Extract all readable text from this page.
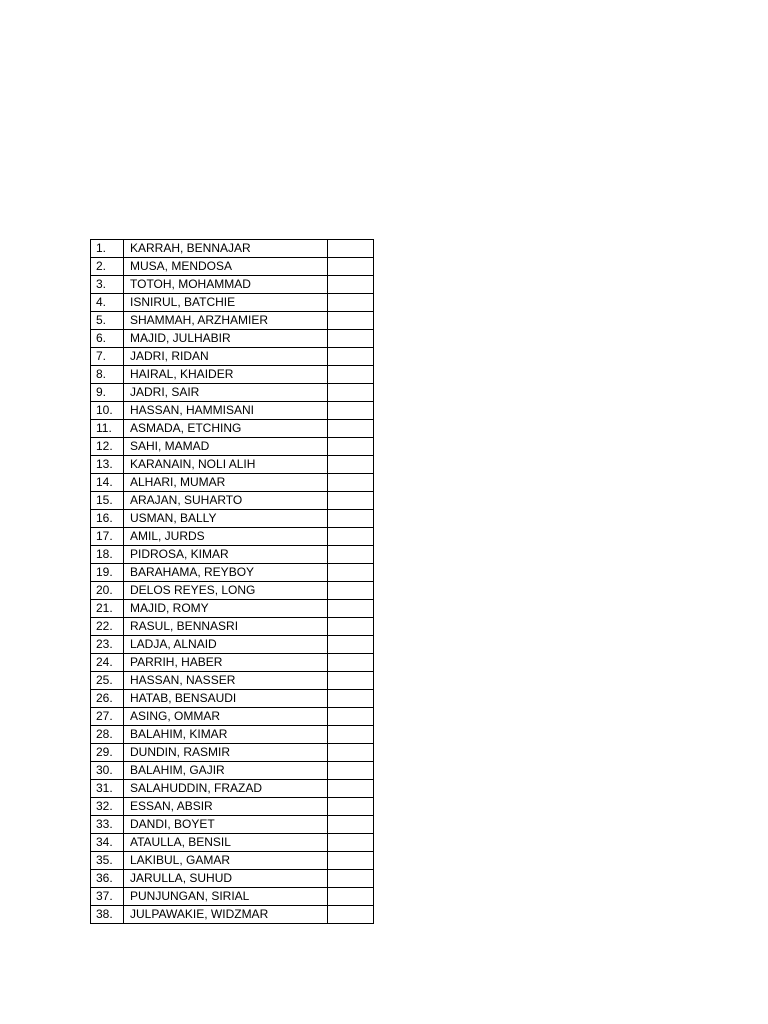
1.	KARRAH, BENNAJAR	
2.	MUSA, MENDOSA	
3.	TOTOH, MOHAMMAD	
4.	ISNIRUL, BATCHIE	
5.	SHAMMAH, ARZHAMIER	
6.	MAJID, JULHABIR	
7.	JADRI, RIDAN	
8.	HAIRAL, KHAIDER	
9.	JADRI, SAIR	
10.	HASSAN, HAMMISANI	
11.	ASMADA, ETCHING	
12.	SAHI, MAMAD	
13.	KARANAIN, NOLI ALIH	
14.	ALHARI, MUMAR	
15.	ARAJAN, SUHARTO	
16.	USMAN, BALLY	
17.	AMIL, JURDS	
18.	PIDROSA, KIMAR	
19.	BARAHAMA, REYBOY	
20.	DELOS REYES, LONG	
21.	MAJID, ROMY	
22.	RASUL, BENNASRI	
23.	LADJA, ALNAID	
24.	PARRIH, HABER	
25.	HASSAN, NASSER	
26.	HATAB, BENSAUDI	
27.	ASING, OMMAR	
28.	BALAHIM, KIMAR	
29.	DUNDIN, RASMIR	
30.	BALAHIM, GAJIR	
31.	SALAHUDDIN, FRAZAD	
32.	ESSAN, ABSIR	
33.	DANDI, BOYET	
34.	ATAULLA, BENSIL	
35.	LAKIBUL, GAMAR	
36.	JARULLA, SUHUD	
37.	PUNJUNGAN, SIRIAL	
38.	JULPAWAKIE, WIDZMAR	
